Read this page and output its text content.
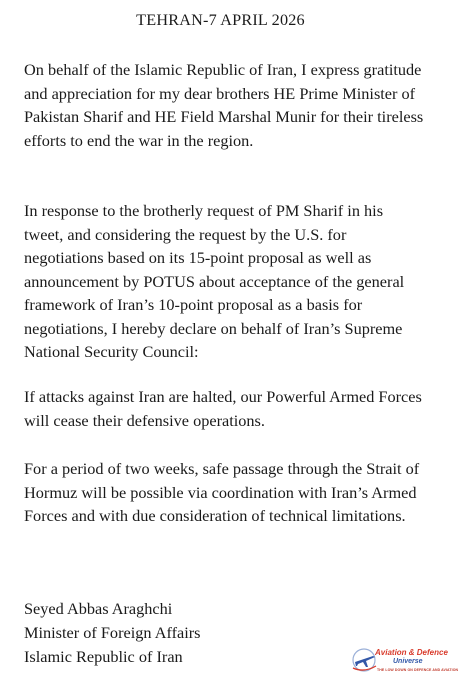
TEHRAN-7 APRIL 2026

On behalf of the Islamic Republic of Iran, I express gratitude and appreciation for my dear brothers HE Prime Minister of Pakistan Sharif and HE Field Marshal Munir for their tireless efforts to end the war in the region.

In response to the brotherly request of PM Sharif in his tweet, and considering the request by the U.S. for negotiations based on its 15-point proposal as well as announcement by POTUS about acceptance of the general framework of Iran’s 10-point proposal as a basis for negotiations, I hereby declare on behalf of Iran’s Supreme National Security Council:

If attacks against Iran are halted, our Powerful Armed Forces will cease their defensive operations.

For a period of two weeks, safe passage through the Strait of Hormuz will be possible via coordination with Iran’s Armed Forces and with due consideration of technical limitations.

Seyed Abbas Araghchi
Minister of Foreign Affairs
Islamic Republic of Iran	Aviation & Defence
Universe
THE LOW DOWN ON DEFENCE AND AVIATION
